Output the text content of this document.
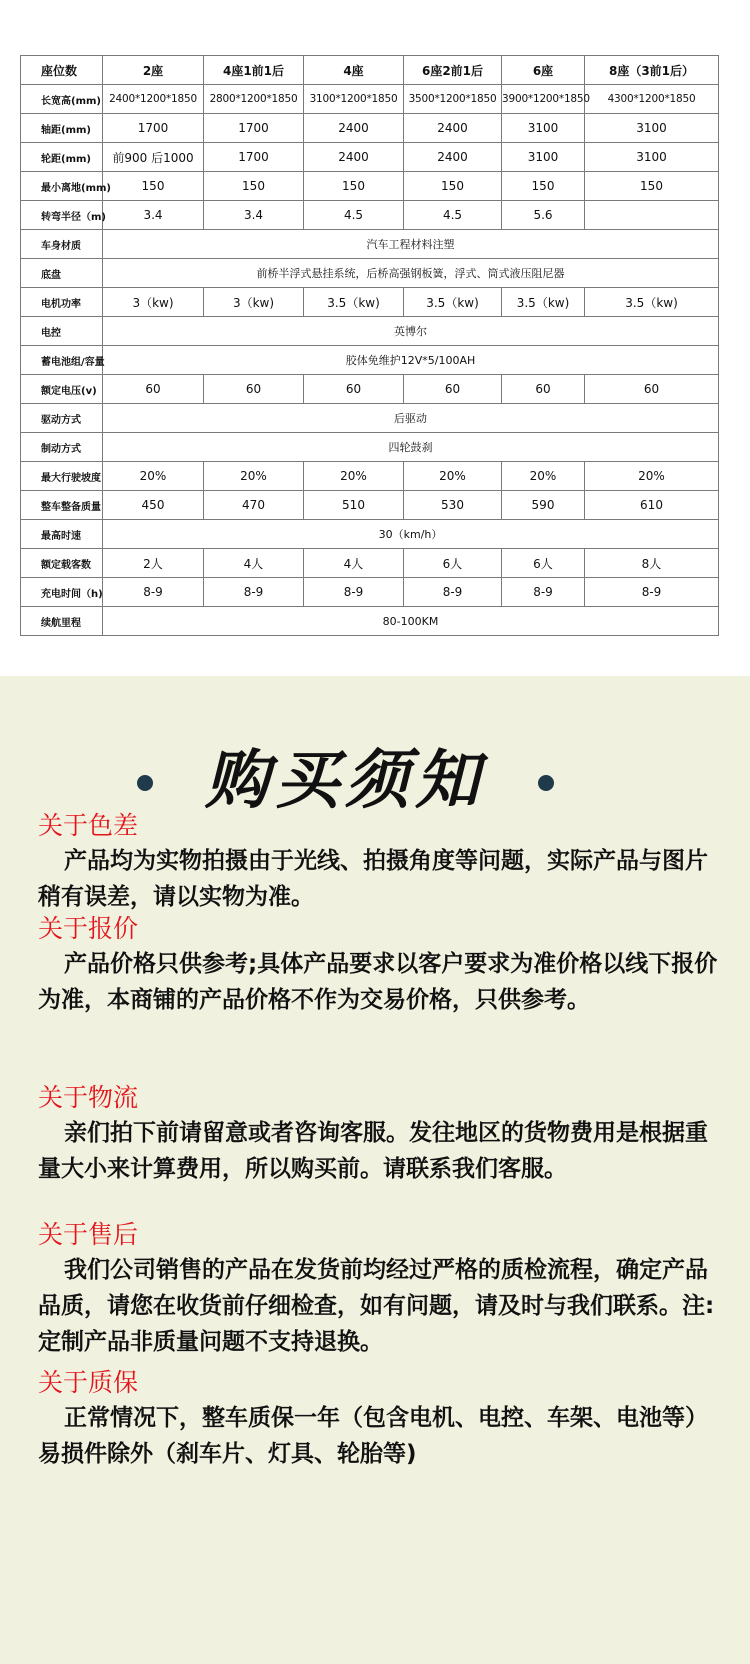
座位数	2座	4座1前1后	4座	6座2前1后	6座	8座（3前1后）
长宽高(mm)	2400*1200*1850	2800*1200*1850	3100*1200*1850	3500*1200*1850	3900*1200*1850	4300*1200*1850
轴距(mm)	1700	1700	2400	2400	3100	3100
轮距(mm)	前900 后1000	1700	2400	2400	3100	3100
最小离地(mm)	150	150	150	150	150	150
转弯半径（m)	3.4	3.4	4.5	4.5	5.6	
车身材质	汽车工程材料注塑					
底盘	前桥半浮式悬挂系统，后桥高强钢板簧，浮式、筒式液压阻尼器					
电机功率	3（kw)	3（kw)	3.5（kw)	3.5（kw)	3.5（kw)	3.5（kw)
电控	英博尔					
蓄电池组/容量	胶体免维护12V*5/100AH					
额定电压(v)	60	60	60	60	60	60
驱动方式	后驱动					
制动方式	四轮鼓刹					
最大行驶坡度	20%	20%	20%	20%	20%	20%
整车整备质量	450	470	510	530	590	610
最高时速	30（km/h）					
额定载客数	2人	4人	4人	6人	6人	8人
充电时间（h)	8-9	8-9	8-9	8-9	8-9	8-9
续航里程	80-100KM					
购买须知
关于色差
产品均为实物拍摄由于光线、拍摄角度等问题，实际产品与图片稍有误差，请以实物为准。
关于报价
产品价格只供参考;具体产品要求以客户要求为准价格以线下报价为准，本商铺的产品价格不作为交易价格，只供参考。
关于物流
亲们拍下前请留意或者咨询客服。发往地区的货物费用是根据重量大小来计算费用，所以购买前。请联系我们客服。
关于售后
我们公司销售的产品在发货前均经过严格的质检流程，确定产品品质，请您在收货前仔细检查，如有问题，请及时与我们联系。注:定制产品非质量问题不支持退换。
关于质保
正常情况下，整车质保一年（包含电机、电控、车架、电池等）易损件除外（刹车片、灯具、轮胎等)
